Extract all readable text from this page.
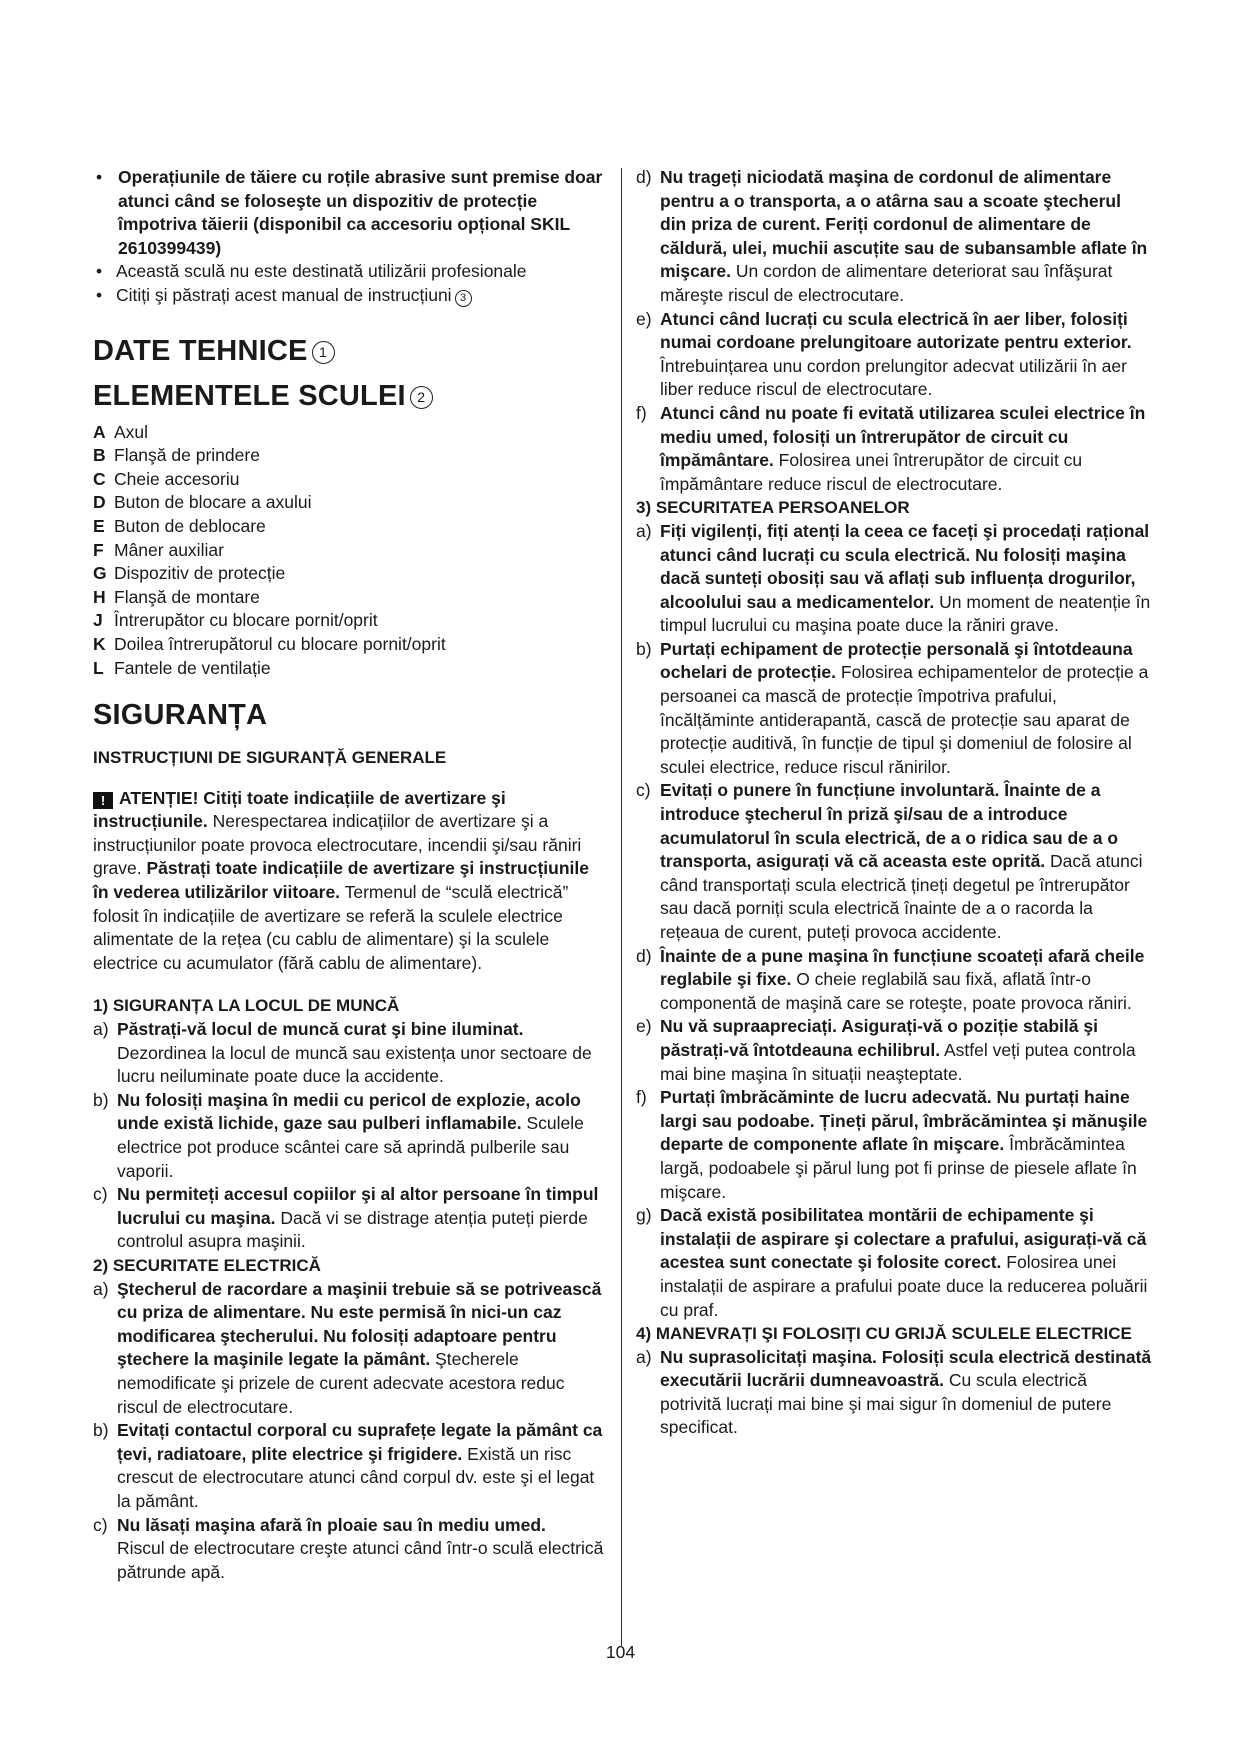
• Operațiunile de tăiere cu roțile abrasive sunt premise doar atunci când se foloseşte un dispozitiv de protecție împotriva tăierii (disponibil ca accesoriu opțional SKIL 2610399439)
• Această sculă nu este destinată utilizării profesionale
• Citiți şi păstrați acest manual de instrucțiuni 3
DATE TEHNICE 1
ELEMENTELE SCULEI 2
A Axul
B Flanşă de prindere
C Cheie accesoriu
D Buton de blocare a axului
E Buton de deblocare
F Mâner auxiliar
G Dispozitiv de protecție
H Flanşă de montare
J Întrerupător cu blocare pornit/oprit
K Doilea întrerupătorul cu blocare pornit/oprit
L Fantele de ventilație
SIGURANȚA
INSTRUCȚIUNI DE SIGURANȚĂ GENERALE
! ATENȚIE! Citiți toate indicațiile de avertizare şi instrucțiunile. Nerespectarea indicațiilor de avertizare şi a instrucțiunilor poate provoca electrocutare, incendii şi/sau răniri grave. Păstrați toate indicațiile de avertizare şi instrucțiunile în vederea utilizărilor viitoare. Termenul de “sculă electrică” folosit în indicațiile de avertizare se referă la sculele electrice alimentate de la rețea (cu cablu de alimentare) şi la sculele electrice cu acumulator (fără cablu de alimentare).
1) SIGURANȚA LA LOCUL DE MUNCĂ
a) Păstrați-vă locul de muncă curat şi bine iluminat.
Dezordinea la locul de muncă sau existența unor sectoare de lucru neiluminate poate duce la accidente.
b) Nu folosiți maşina în medii cu pericol de explozie, acolo unde există lichide, gaze sau pulberi inflamabile. Sculele electrice pot produce scântei care să aprindă pulberile sau vaporii.
c) Nu permiteți accesul copiilor şi al altor persoane în timpul lucrului cu maşina. Dacă vi se distrage atenția puteți pierde controlul asupra maşinii.
2) SECURITATE ELECTRICĂ
a) Ştecherul de racordare a maşinii trebuie să se potrivească cu priza de alimentare. Nu este permisă în nici-un caz modificarea ştecherului. Nu folosiți adaptoare pentru ştechere la maşinile legate la pământ. Ştecherele nemodificate şi prizele de curent adecvate acestora reduc riscul de electrocutare.
b) Evitați contactul corporal cu suprafețe legate la pământ ca țevi, radiatoare, plite electrice şi frigidere. Există un risc crescut de electrocutare atunci când corpul dv. este şi el legat la pământ.
c) Nu lăsați maşina afară în ploaie sau în mediu umed.
Riscul de electrocutare creşte atunci când într-o sculă electrică pătrunde apă.
d) Nu trageți niciodată maşina de cordonul de alimentare pentru a o transporta, a o atârna sau a scoate ştecherul din priza de curent. Feriți cordonul de alimentare de căldură, ulei, muchii ascuțite sau de subansamble aflate în mişcare. Un cordon de alimentare deteriorat sau înfăşurat măreşte riscul de electrocutare.
e) Atunci când lucrați cu scula electrică în aer liber, folosiți numai cordoane prelungitoare autorizate pentru exterior. Întrebuințarea unu cordon prelungitor adecvat utilizării în aer liber reduce riscul de electrocutare.
f) Atunci când nu poate fi evitată utilizarea sculei electrice în mediu umed, folosiți un întrerupător de circuit cu împământare. Folosirea unei întrerupător de circuit cu împământare reduce riscul de electrocutare.
3) SECURITATEA PERSOANELOR
a) Fiți vigilenți, fiți atenți la ceea ce faceți şi procedați rațional atunci când lucrați cu scula electrică. Nu folosiți maşina dacă sunteți obosiți sau vă aflați sub influența drogurilor, alcoolului sau a medicamentelor. Un moment de neatenție în timpul lucrului cu maşina poate duce la răniri grave.
b) Purtați echipament de protecție personală şi întotdeauna ochelari de protecție. Folosirea echipamentelor de protecție a persoanei ca mască de protecție împotriva prafului, încălțăminte antiderapantă, cască de protecție sau aparat de protecție auditivă, în funcție de tipul şi domeniul de folosire al sculei electrice, reduce riscul rănirilor.
c) Evitați o punere în funcțiune involuntară. Înainte de a introduce ştecherul în priză şi/sau de a introduce acumulatorul în scula electrică, de a o ridica sau de a o transporta, asigurați vă că aceasta este oprită. Dacă atunci când transportați scula electrică țineți degetul pe întrerupător sau dacă porniți scula electrică înainte de a o racorda la rețeaua de curent, puteți provoca accidente.
d) Înainte de a pune maşina în funcțiune scoateți afară cheile reglabile şi fixe. O cheie reglabilă sau fixă, aflată într-o componentă de maşină care se roteşte, poate provoca răniri.
e) Nu vă supraapreciați. Asigurați-vă o poziție stabilă şi păstrați-vă întotdeauna echilibrul. Astfel veți putea controla mai bine maşina în situații neaşteptate.
f) Purtați îmbrăcăminte de lucru adecvată. Nu purtați haine largi sau podoabe. Țineți părul, îmbrăcămintea şi mănuşile departe de componente aflate în mişcare. Îmbrăcămintea largă, podoabele şi părul lung pot fi prinse de piesele aflate în mişcare.
g) Dacă există posibilitatea montării de echipamente şi instalații de aspirare şi colectare a prafului, asigurați-vă că acestea sunt conectate şi folosite corect. Folosirea unei instalații de aspirare a prafului poate duce la reducerea poluării cu praf.
4) MANEVRAȚI ŞI FOLOSIȚI CU GRIJĂ SCULELE ELECTRICE
a) Nu suprasolicitați maşina. Folosiți scula electrică destinată executării lucrării dumneavoastră. Cu scula electrică potrivită lucrați mai bine şi mai sigur în domeniul de putere specificat.
104
